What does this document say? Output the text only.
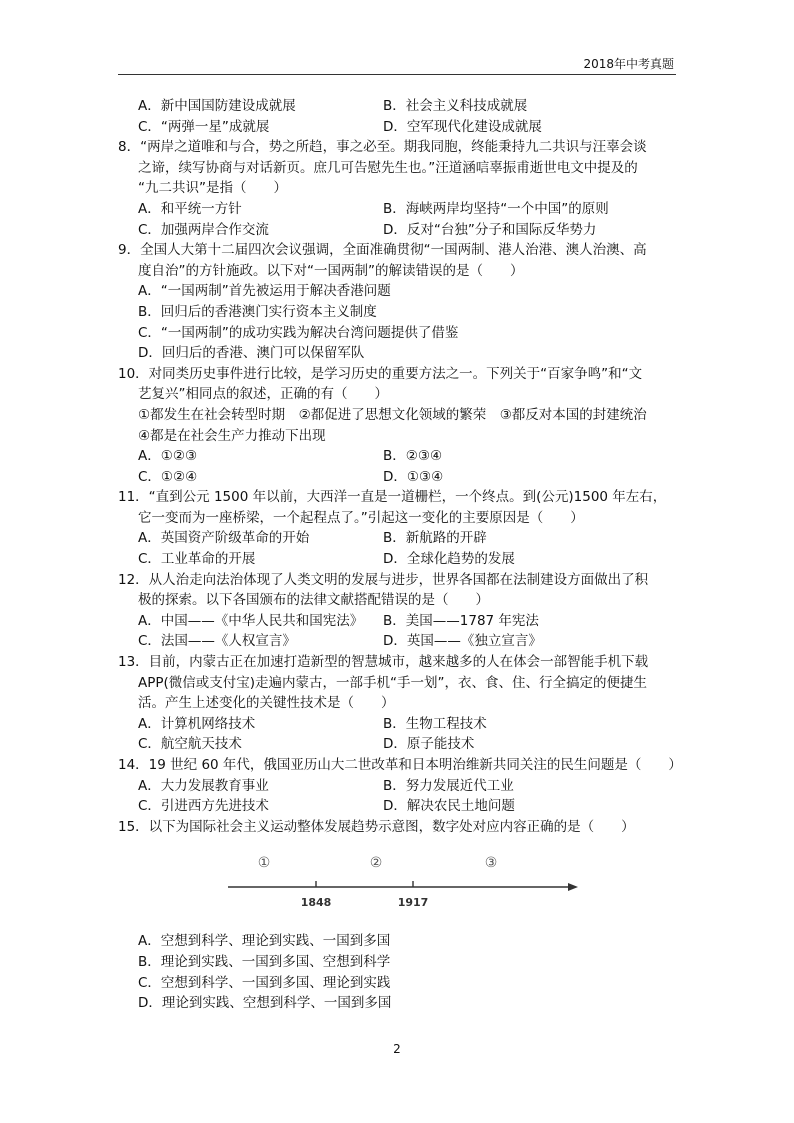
2018年中考真题
A．新中国国防建设成就展	B．社会主义科技成就展
C．“两弹一星”成就展	D．空军现代化建设成就展
8．“两岸之道唯和与合，势之所趋，事之必至。期我同胞，终能秉持九二共识与汪辜会谈
之谛，续写协商与对话新页。庶几可告慰先生也。”汪道涵唁辜振甫逝世电文中提及的
“九二共识”是指（　　）
A．和平统一方针	B．海峡两岸均坚持“一个中国”的原则
C．加强两岸合作交流	D．反对“台独”分子和国际反华势力
9．全国人大第十二届四次会议强调，全面准确贯彻“一国两制、港人治港、澳人治澳、高
度自治”的方针施政。以下对“一国两制”的解读错误的是（　　）
A．“一国两制”首先被运用于解决香港问题
B．回归后的香港澳门实行资本主义制度
C．“一国两制”的成功实践为解决台湾问题提供了借鉴
D．回归后的香港、澳门可以保留军队
10．对同类历史事件进行比较，是学习历史的重要方法之一。下列关于“百家争鸣”和“文
艺复兴”相同点的叙述，正确的有（　　）
①都发生在社会转型时期　②都促进了思想文化领域的繁荣　③都反对本国的封建统治
④都是在社会生产力推动下出现
A．①②③	B．②③④
C．①②④	D．①③④
11．“直到公元 1500 年以前，大西洋一直是一道栅栏，一个终点。到(公元)1500 年左右，
它一变而为一座桥梁，一个起程点了。”引起这一变化的主要原因是（　　）
A．英国资产阶级革命的开始	B．新航路的开辟
C．工业革命的开展	D．全球化趋势的发展
12．从人治走向法治体现了人类文明的发展与进步，世界各国都在法制建设方面做出了积
极的探索。以下各国颁布的法律文献搭配错误的是（　　）
A．中国——《中华人民共和国宪法》	B．美国——1787 年宪法
C．法国——《人权宣言》	D．英国——《独立宣言》
13．目前，内蒙古正在加速打造新型的智慧城市，越来越多的人在体会一部智能手机下载
APP(微信或支付宝)走遍内蒙古，一部手机“手一划”，衣、食、住、行全搞定的便捷生
活。产生上述变化的关键性技术是（　　）
A．计算机网络技术	B．生物工程技术
C．航空航天技术	D．原子能技术
14．19 世纪 60 年代，俄国亚历山大二世改革和日本明治维新共同关注的民生问题是（　　）
A．大力发展教育事业	B．努力发展近代工业
C．引进西方先进技术	D．解决农民土地问题
15．以下为国际社会主义运动整体发展趋势示意图，数字处对应内容正确的是（　　）
①	②	③
1848	1917
A．空想到科学、理论到实践、一国到多国
B．理论到实践、一国到多国、空想到科学
C．空想到科学、一国到多国、理论到实践
D．理论到实践、空想到科学、一国到多国
2
